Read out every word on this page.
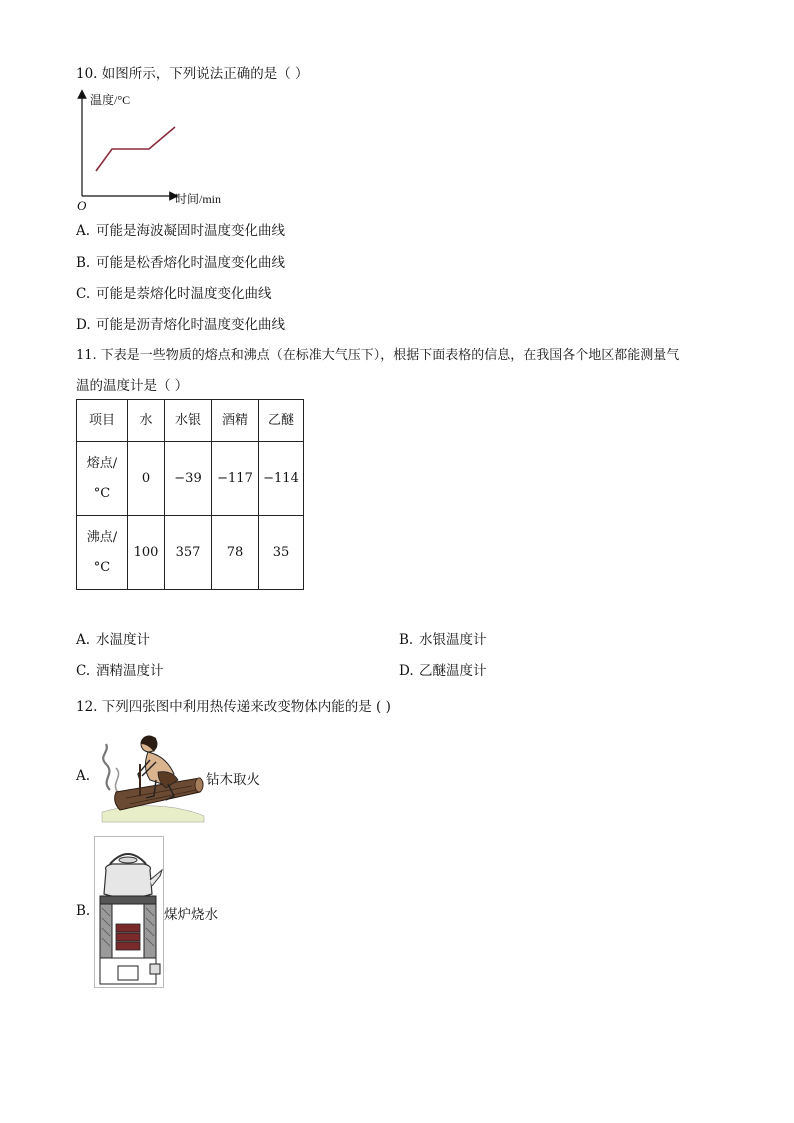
10. 如图所示，下列说法正确的是（ ）
温度/°C
时间/min
O
A. 可能是海波凝固时温度变化曲线
B. 可能是松香熔化时温度变化曲线
C. 可能是萘熔化时温度变化曲线
D. 可能是沥青熔化时温度变化曲线
11. 下表是一些物质的熔点和沸点（在标准大气压下），根据下面表格的信息，在我国各个地区都能测量气
温的温度计是（ ）
项目	水	水银	酒精	乙醚

熔点/
°C	0	−39	−117	−114

沸点/
°C	100	357	78	35
A. 水温度计	B. 水银温度计
C. 酒精温度计	D. 乙醚温度计
12. 下列四张图中利用热传递来改变物体内能的是 ( )
A.	钻木取火
B.	煤炉烧水
